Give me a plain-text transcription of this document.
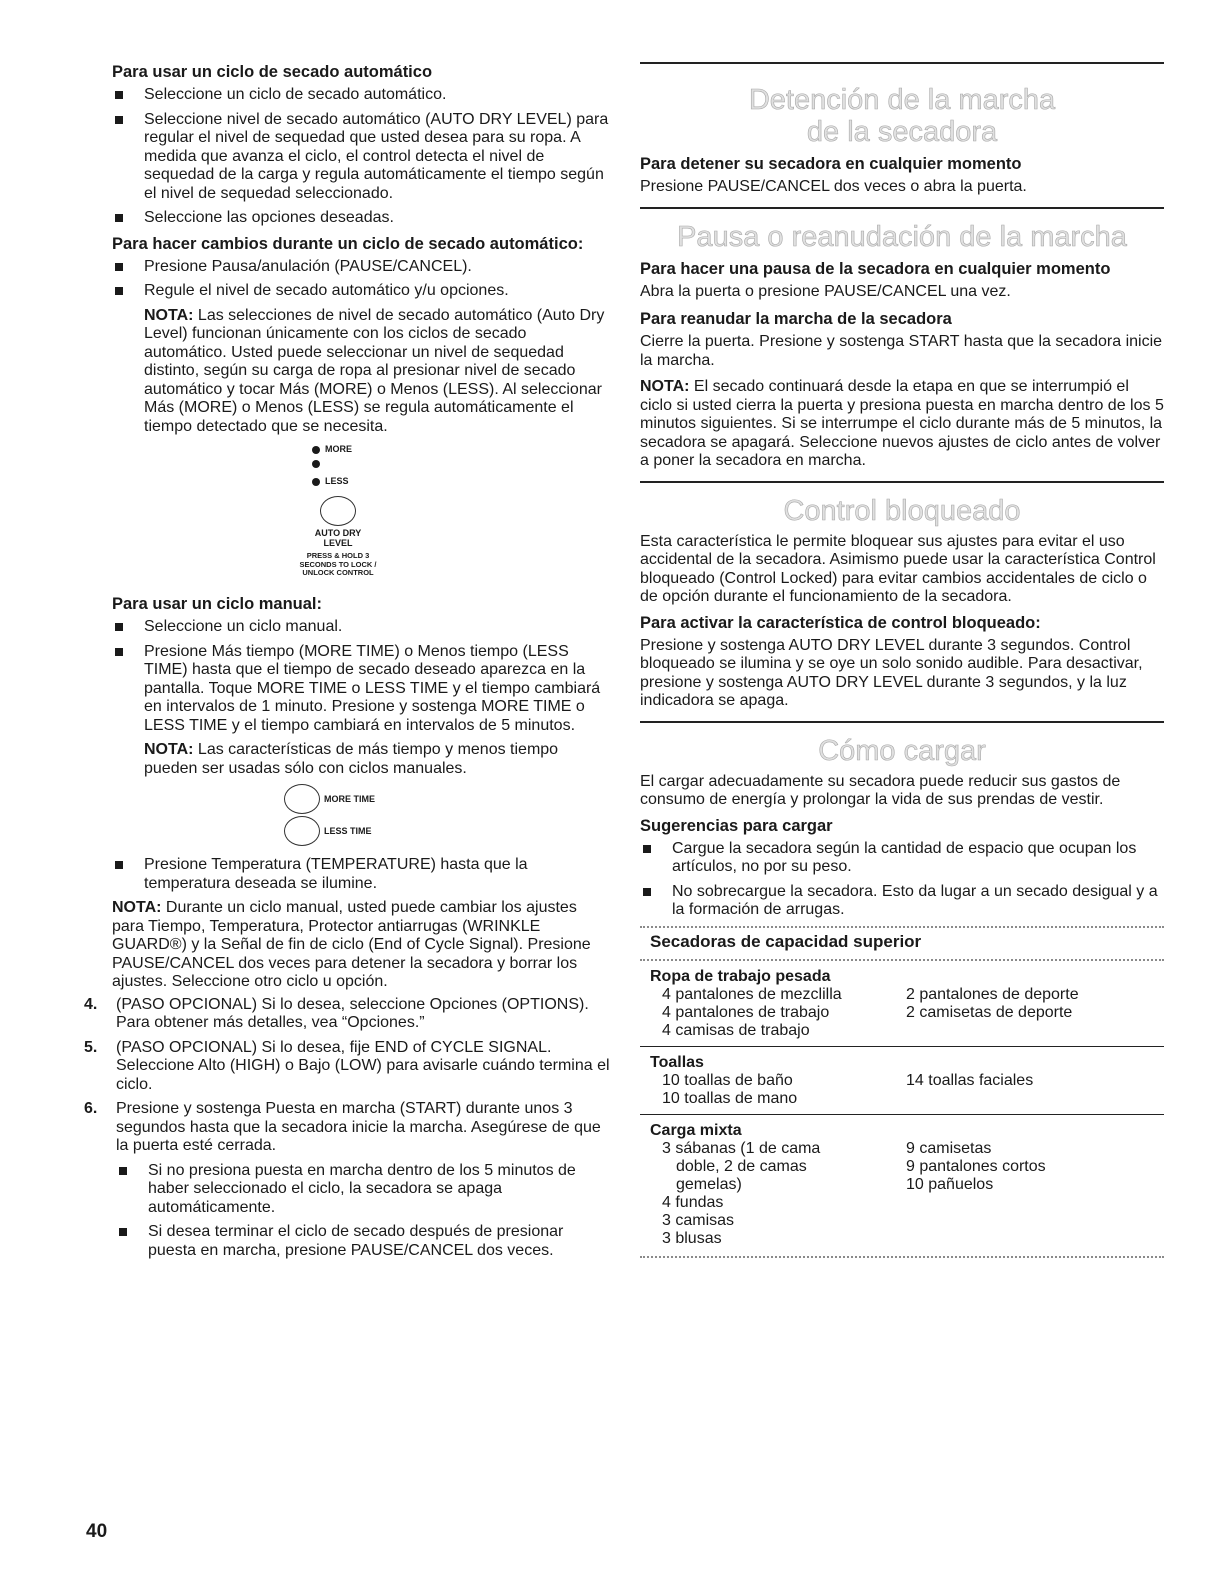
Para usar un ciclo de secado automático
Seleccione un ciclo de secado automático.
Seleccione nivel de secado automático (AUTO DRY LEVEL) para regular el nivel de sequedad que usted desea para su ropa. A medida que avanza el ciclo, el control detecta el nivel de sequedad de la carga y regula automáticamente el tiempo según el nivel de sequedad seleccionado.
Seleccione las opciones deseadas.
Para hacer cambios durante un ciclo de secado automático:
Presione Pausa/anulación (PAUSE/CANCEL).
Regule el nivel de secado automático y/u opciones.
NOTA: Las selecciones de nivel de secado automático (Auto Dry Level) funcionan únicamente con los ciclos de secado automático. Usted puede seleccionar un nivel de sequedad distinto, según su carga de ropa al presionar nivel de secado automático y tocar Más (MORE) o Menos (LESS). Al seleccionar Más (MORE) o Menos (LESS) se regula automáticamente el tiempo detectado que se necesita.
MORE
LESS
AUTO DRY
LEVEL
PRESS & HOLD 3
SECONDS TO LOCK /
UNLOCK CONTROL
Para usar un ciclo manual:
Seleccione un ciclo manual.
Presione Más tiempo (MORE TIME) o Menos tiempo (LESS TIME) hasta que el tiempo de secado deseado aparezca en la pantalla. Toque MORE TIME o LESS TIME y el tiempo cambiará en intervalos de 1 minuto. Presione y sostenga MORE TIME o LESS TIME y el tiempo cambiará en intervalos de 5 minutos.
NOTA: Las características de más tiempo y menos tiempo pueden ser usadas sólo con ciclos manuales.
MORE TIME
LESS TIME
Presione Temperatura (TEMPERATURE) hasta que la temperatura deseada se ilumine.
NOTA: Durante un ciclo manual, usted puede cambiar los ajustes para Tiempo, Temperatura, Protector antiarrugas (WRINKLE GUARD®) y la Señal de fin de ciclo (End of Cycle Signal). Presione PAUSE/CANCEL dos veces para detener la secadora y borrar los ajustes. Seleccione otro ciclo u opción.
4. (PASO OPCIONAL) Si lo desea, seleccione Opciones (OPTIONS). Para obtener más detalles, vea “Opciones.”
5. (PASO OPCIONAL) Si lo desea, fije END of CYCLE SIGNAL. Seleccione Alto (HIGH) o Bajo (LOW) para avisarle cuándo termina el ciclo.
6. Presione y sostenga Puesta en marcha (START) durante unos 3 segundos hasta que la secadora inicie la marcha. Asegúrese de que la puerta esté cerrada.
Si no presiona puesta en marcha dentro de los 5 minutos de haber seleccionado el ciclo, la secadora se apaga automáticamente.
Si desea terminar el ciclo de secado después de presionar puesta en marcha, presione PAUSE/CANCEL dos veces.
Detención de la marcha
de la secadora
Para detener su secadora en cualquier momento
Presione PAUSE/CANCEL dos veces o abra la puerta.
Pausa o reanudación de la marcha
Para hacer una pausa de la secadora en cualquier momento
Abra la puerta o presione PAUSE/CANCEL una vez.
Para reanudar la marcha de la secadora
Cierre la puerta. Presione y sostenga START hasta que la secadora inicie la marcha.
NOTA: El secado continuará desde la etapa en que se interrumpió el ciclo si usted cierra la puerta y presiona puesta en marcha dentro de los 5 minutos siguientes. Si se interrumpe el ciclo durante más de 5 minutos, la secadora se apagará. Seleccione nuevos ajustes de ciclo antes de volver a poner la secadora en marcha.
Control bloqueado
Esta característica le permite bloquear sus ajustes para evitar el uso accidental de la secadora. Asimismo puede usar la característica Control bloqueado (Control Locked) para evitar cambios accidentales de ciclo o de opción durante el funcionamiento de la secadora.
Para activar la característica de control bloqueado:
Presione y sostenga AUTO DRY LEVEL durante 3 segundos. Control bloqueado se ilumina y se oye un solo sonido audible. Para desactivar, presione y sostenga AUTO DRY LEVEL durante 3 segundos, y la luz indicadora se apaga.
Cómo cargar
El cargar adecuadamente su secadora puede reducir sus gastos de consumo de energía y prolongar la vida de sus prendas de vestir.
Sugerencias para cargar
Cargue la secadora según la cantidad de espacio que ocupan los artículos, no por su peso.
No sobrecargue la secadora. Esto da lugar a un secado desigual y a la formación de arrugas.
Secadoras de capacidad superior
Ropa de trabajo pesada
4 pantalones de mezclilla
4 pantalones de trabajo
4 camisas de trabajo
2 pantalones de deporte
2 camisetas de deporte
Toallas
10 toallas de baño
10 toallas de mano
14 toallas faciales
Carga mixta
3 sábanas (1 de cama
doble, 2 de camas
gemelas)
4 fundas
3 camisas
3 blusas
9 camisetas
9 pantalones cortos
10 pañuelos
40
